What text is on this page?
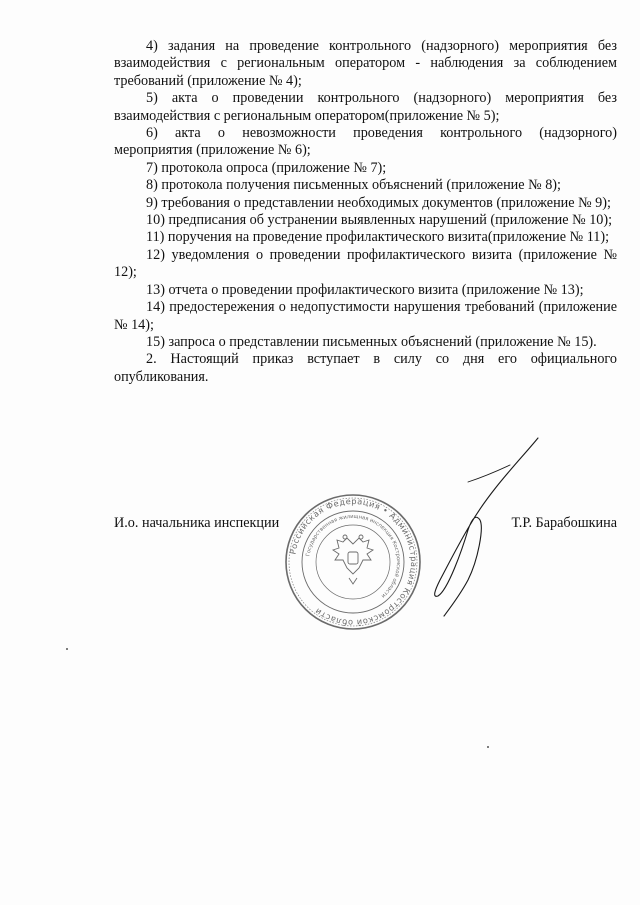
4) задания на проведение контрольного (надзорного) мероприятия без взаимодействия с региональным оператором - наблюдения за соблюдением требований (приложение № 4);

5) акта о проведении контрольного (надзорного) мероприятия без взаимодействия с региональным оператором(приложение № 5);

6) акта о невозможности проведения контрольного (надзорного) мероприятия (приложение № 6);

7) протокола опроса (приложение № 7);

8) протокола получения письменных объяснений (приложение № 8);

9) требования о представлении необходимых документов (приложение № 9);

10) предписания об устранении выявленных нарушений (приложение № 10);

11) поручения на проведение профилактического визита(приложение № 11);

12) уведомления о проведении профилактического визита (приложение № 12);

13) отчета о проведении профилактического визита (приложение № 13);

14) предостережения о недопустимости нарушения требований (приложение № 14);

15) запроса о представлении письменных объяснений (приложение № 15).

2. Настоящий приказ вступает в силу со дня его официального опубликования.

Российская Федерация • Администрация Костромской области
Государственная жилищная инспекция Костромской области
И.о. начальника инспекции	Т.Р. Барабошкина
